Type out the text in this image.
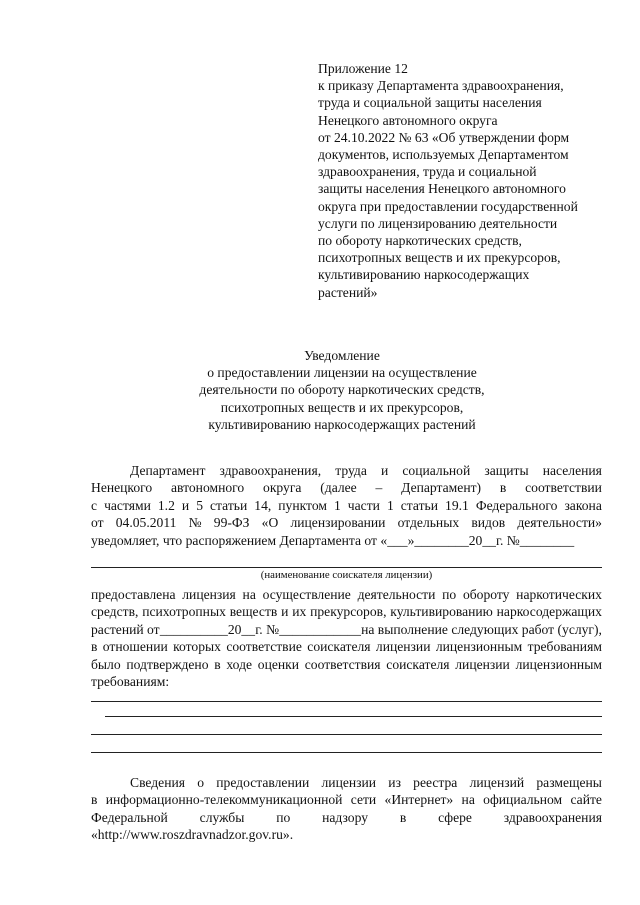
Приложение 12
к приказу Департамента здравоохранения,
труда и социальной защиты населения
Ненецкого автономного округа
от 24.10.2022 № 63 «Об утверждении форм
документов, используемых Департаментом
здравоохранения, труда и социальной
защиты населения Ненецкого автономного
округа при предоставлении государственной
услуги по лицензированию деятельности
по обороту наркотических средств,
психотропных веществ и их прекурсоров,
культивированию наркосодержащих
растений»
Уведомление
о предоставлении лицензии на осуществление
деятельности по обороту наркотических средств,
психотропных веществ и их прекурсоров,
культивированию наркосодержащих растений
Департамент здравоохранения, труда и социальной защиты населения
Ненецкого автономного округа (далее – Департамент) в соответствии
с частями 1.2 и 5 статьи 14, пунктом 1 части 1 статьи 19.1 Федерального закона
от 04.05.2011 № 99-ФЗ «О лицензировании отдельных видов деятельности»
уведомляет, что распоряжением Департамента от « ___ » ________ 20 __ г. № ________
(наименование соискателя лицензии)
предоставлена лицензия на осуществление деятельности по обороту наркотических
средств, психотропных веществ и их прекурсоров, культивированию наркосодержащих
растений от __________20__ г. № ____________ на выполнение следующих работ (услуг),
в отношении которых соответствие соискателя лицензии лицензионным требованиям
было подтверждено в ходе оценки соответствия соискателя лицензии лицензионным
требованиям:
Сведения о предоставлении лицензии из реестра лицензий размещены
в информационно-телекоммуникационной сети «Интернет» на официальном сайте
Федеральной службы по надзору в сфере здравоохранения
«http://www.roszdravnadzor.gov.ru».
